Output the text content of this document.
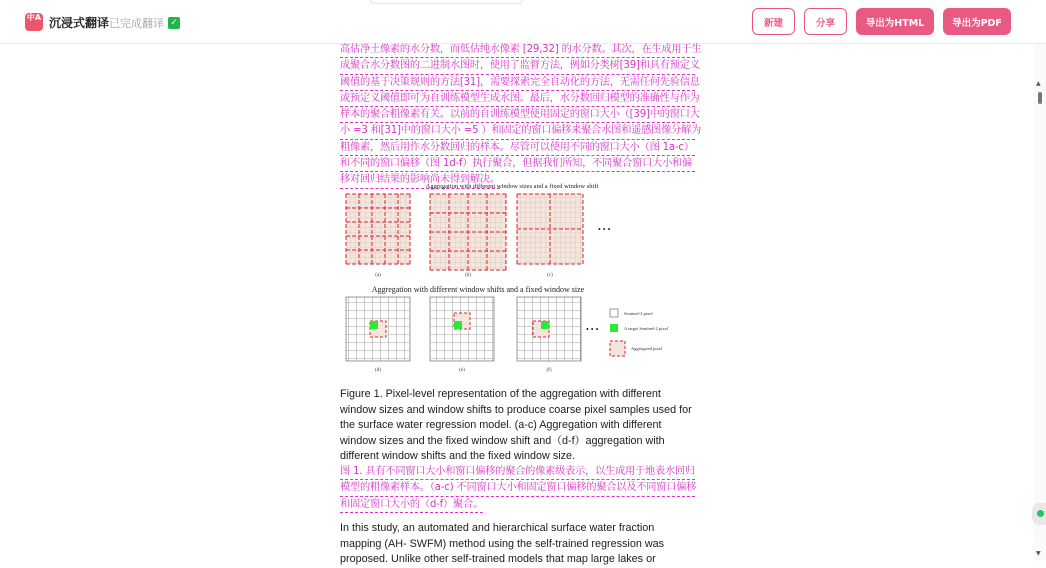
中A 沉浸式翻译 已完成翻译 ✓	新建	分享	导出为HTML	导出为PDF
高估净土像素的水分数，而低估纯水像素 [29,32] 的水分数。其次，在生成用于生
成聚合水分数图的二进制水图时，使用了监督方法，例如分类树[39]和具有预定义
阈值的基于决策规则的方法[31]，需要探索完全自动化的方法，无需任何先验信息
或预定义阈值即可为自训练模型生成水图。最后，水分数回归模型的准确性与作为
样本的聚合粗像素有关。以前的自训练模型使用固定的窗口大小（[39]中的窗口大
小 =3 和[31]中的窗口大小 =5 ）和固定的窗口偏移来聚合水图和遥感图像分解为
粗像素，然后用作水分数回归的样本。尽管可以使用不同的窗口大小（图 1a-c）
和不同的窗口偏移（图 1d-f）执行聚合，但据我们所知，不同聚合窗口大小和偏
移对回归结果的影响尚未得到解决。
Aggregation with different window sizes and a fixed window shift
• • •
(a)	(b)	(c)
Aggregation with different window shifts and a fixed window size
• • •
(d)	(e)	(f)
Sentinel-2 pixel
A target Sentinel-2 pixel
Aggregated pixel
Figure 1. Pixel-level representation of the aggregation with different
window sizes and window shifts to produce coarse pixel samples used for
the surface water regression model. (a-c) Aggregation with different
window sizes and the fixed window shift and（d-f）aggregation with
different window shifts and the fixed window size.
图 1. 具有不同窗口大小和窗口偏移的聚合的像素级表示，以生成用于地表水回归
模型的粗像素样本。（a-c) 不同窗口大小和固定窗口偏移的聚合以及不同窗口偏移
和固定窗口大小的（d-f）聚合。
In this study, an automated and hierarchical surface water fraction
mapping (AH- SWFM) method using the self-trained regression was
proposed. Unlike other self-trained models that map large lakes or
▲
▼
